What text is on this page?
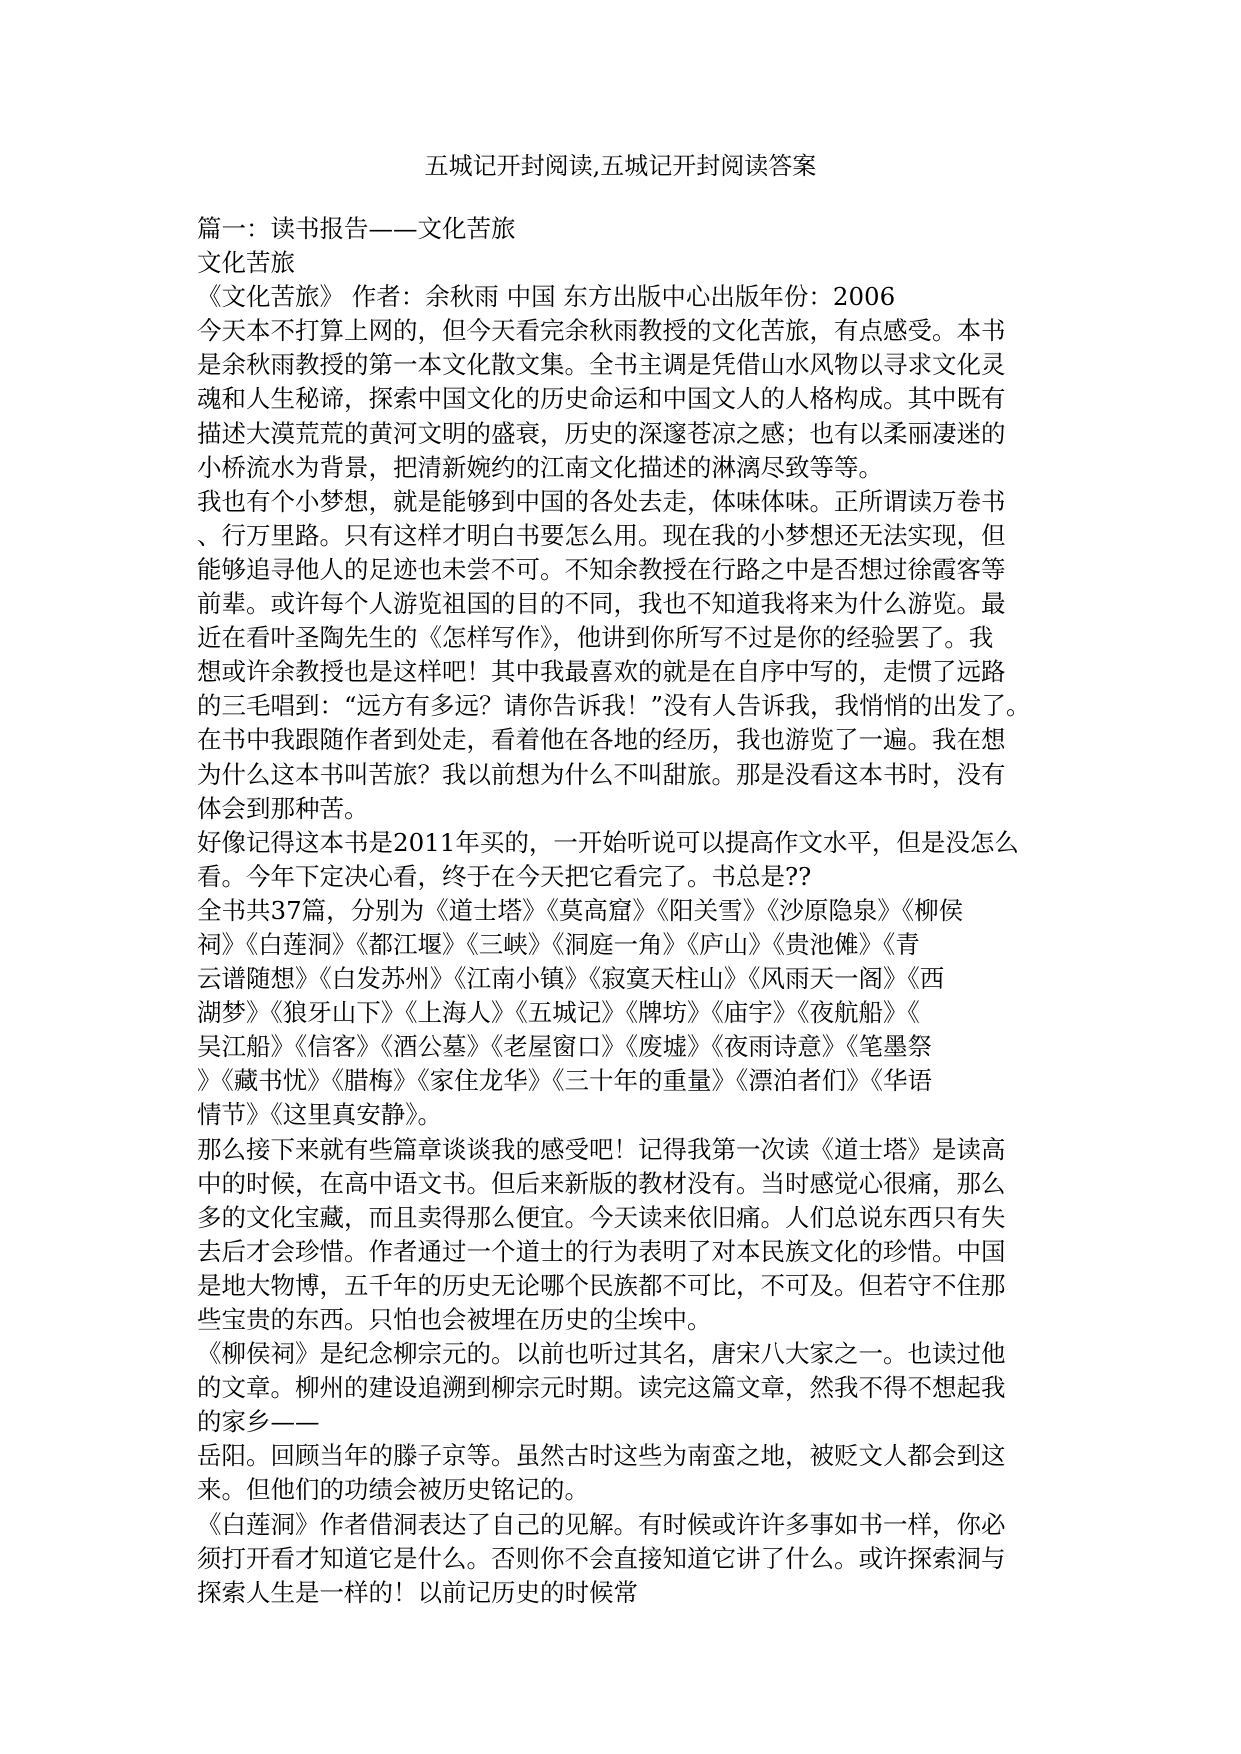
五城记开封阅读,五城记开封阅读答案
篇一：读书报告——文化苦旅
文化苦旅
《文化苦旅》 作者：余秋雨 中国 东方出版中心出版年份：2006
今天本不打算上网的，但今天看完余秋雨教授的文化苦旅，有点感受。本书
是余秋雨教授的第一本文化散文集。全书主调是凭借山水风物以寻求文化灵
魂和人生秘谛，探索中国文化的历史命运和中国文人的人格构成。其中既有
描述大漠荒荒的黄河文明的盛衰，历史的深邃苍凉之感；也有以柔丽凄迷的
小桥流水为背景，把清新婉约的江南文化描述的淋漓尽致等等。
我也有个小梦想，就是能够到中国的各处去走，体味体味。正所谓读万卷书
、行万里路。只有这样才明白书要怎么用。现在我的小梦想还无法实现，但
能够追寻他人的足迹也未尝不可。不知余教授在行路之中是否想过徐霞客等
前辈。或许每个人游览祖国的目的不同，我也不知道我将来为什么游览。最
近在看叶圣陶先生的《怎样写作》，他讲到你所写不过是你的经验罢了。我
想或许余教授也是这样吧！其中我最喜欢的就是在自序中写的，走惯了远路
的三毛唱到：“远方有多远？请你告诉我！”没有人告诉我，我悄悄的出发了。
在书中我跟随作者到处走，看着他在各地的经历，我也游览了一遍。我在想
为什么这本书叫苦旅？我以前想为什么不叫甜旅。那是没看这本书时，没有
体会到那种苦。
好像记得这本书是2011年买的，一开始听说可以提高作文水平，但是没怎么
看。今年下定决心看，终于在今天把它看完了。书总是??
全书共37篇，分别为《道士塔》《莫高窟》《阳关雪》《沙原隐泉》《柳侯
祠》《白莲洞》《都江堰》《三峡》《洞庭一角》《庐山》《贵池傩》《青
云谱随想》《白发苏州》《江南小镇》《寂寞天柱山》《风雨天一阁》《西
湖梦》《狼牙山下》《上海人》《五城记》《牌坊》《庙宇》《夜航船》《
吴江船》《信客》《酒公墓》《老屋窗口》《废墟》《夜雨诗意》《笔墨祭
》《藏书忧》《腊梅》《家住龙华》《三十年的重量》《漂泊者们》《华语
情节》《这里真安静》。
那么接下来就有些篇章谈谈我的感受吧！记得我第一次读《道士塔》是读高
中的时候，在高中语文书。但后来新版的教材没有。当时感觉心很痛，那么
多的文化宝藏，而且卖得那么便宜。今天读来依旧痛。人们总说东西只有失
去后才会珍惜。作者通过一个道士的行为表明了对本民族文化的珍惜。中国
是地大物博，五千年的历史无论哪个民族都不可比，不可及。但若守不住那
些宝贵的东西。只怕也会被埋在历史的尘埃中。
《柳侯祠》是纪念柳宗元的。以前也听过其名，唐宋八大家之一。也读过他
的文章。柳州的建设追溯到柳宗元时期。读完这篇文章，然我不得不想起我
的家乡——
岳阳。回顾当年的滕子京等。虽然古时这些为南蛮之地，被贬文人都会到这
来。但他们的功绩会被历史铭记的。
《白莲洞》作者借洞表达了自己的见解。有时候或许许多事如书一样，你必
须打开看才知道它是什么。否则你不会直接知道它讲了什么。或许探索洞与
探索人生是一样的！以前记历史的时候常
